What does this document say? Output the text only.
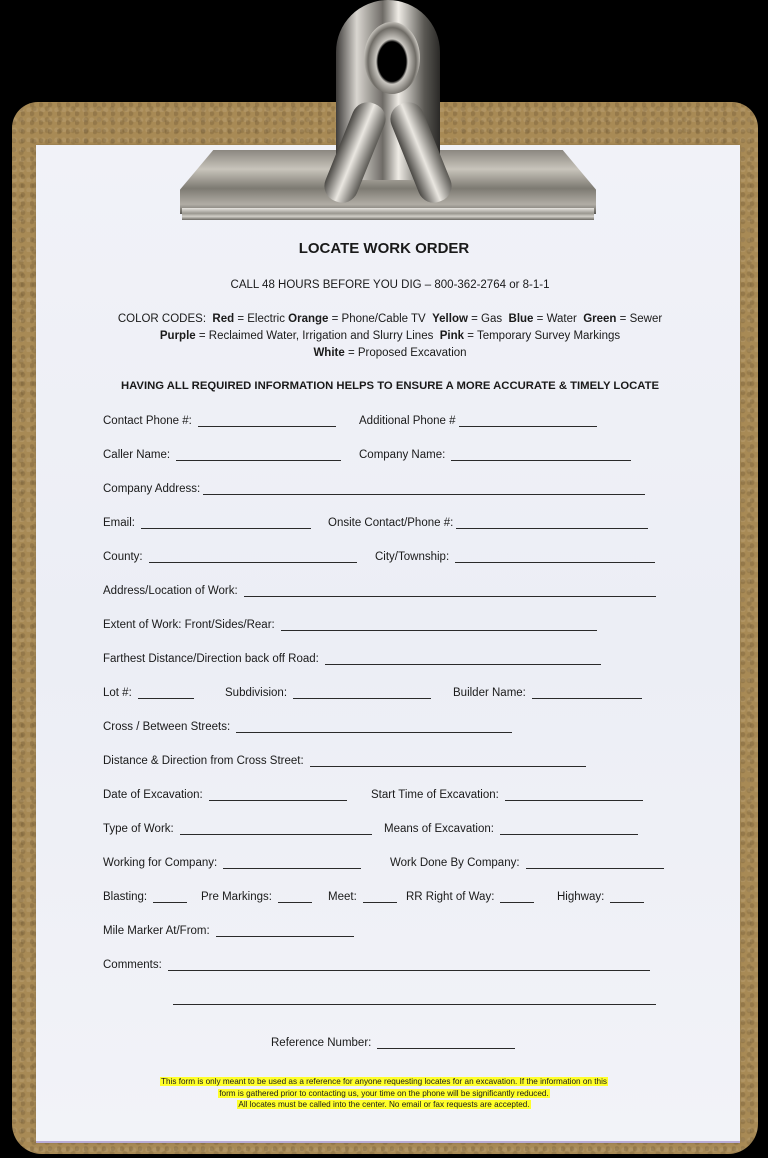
LOCATE WORK ORDER
CALL 48 HOURS BEFORE YOU DIG – 800-362-2764 or 8-1-1
COLOR CODES: Red = Electric Orange = Phone/Cable TV Yellow = Gas Blue = Water Green = Sewer
Purple = Reclaimed Water, Irrigation and Slurry Lines Pink = Temporary Survey Markings
White = Proposed Excavation
HAVING ALL REQUIRED INFORMATION HELPS TO ENSURE A MORE ACCURATE & TIMELY LOCATE
Contact Phone #:	Additional Phone #
Caller Name:	Company Name:
Company Address:
Email:	Onsite Contact/Phone #:
County:	City/Township:
Address/Location of Work:
Extent of Work: Front/Sides/Rear:
Farthest Distance/Direction back off Road:
Lot #:	Subdivision:	Builder Name:
Cross / Between Streets:
Distance & Direction from Cross Street:
Date of Excavation:	Start Time of Excavation:
Type of Work:	Means of Excavation:
Working for Company:	Work Done By Company:
Blasting:	Pre Markings:	Meet:	RR Right of Way:	Highway:
Mile Marker At/From:
Comments:
Reference Number:
This form is only meant to be used as a reference for anyone requesting locates for an excavation. If the information on this
form is gathered prior to contacting us, your time on the phone will be significantly reduced.
All locates must be called into the center. No email or fax requests are accepted.
